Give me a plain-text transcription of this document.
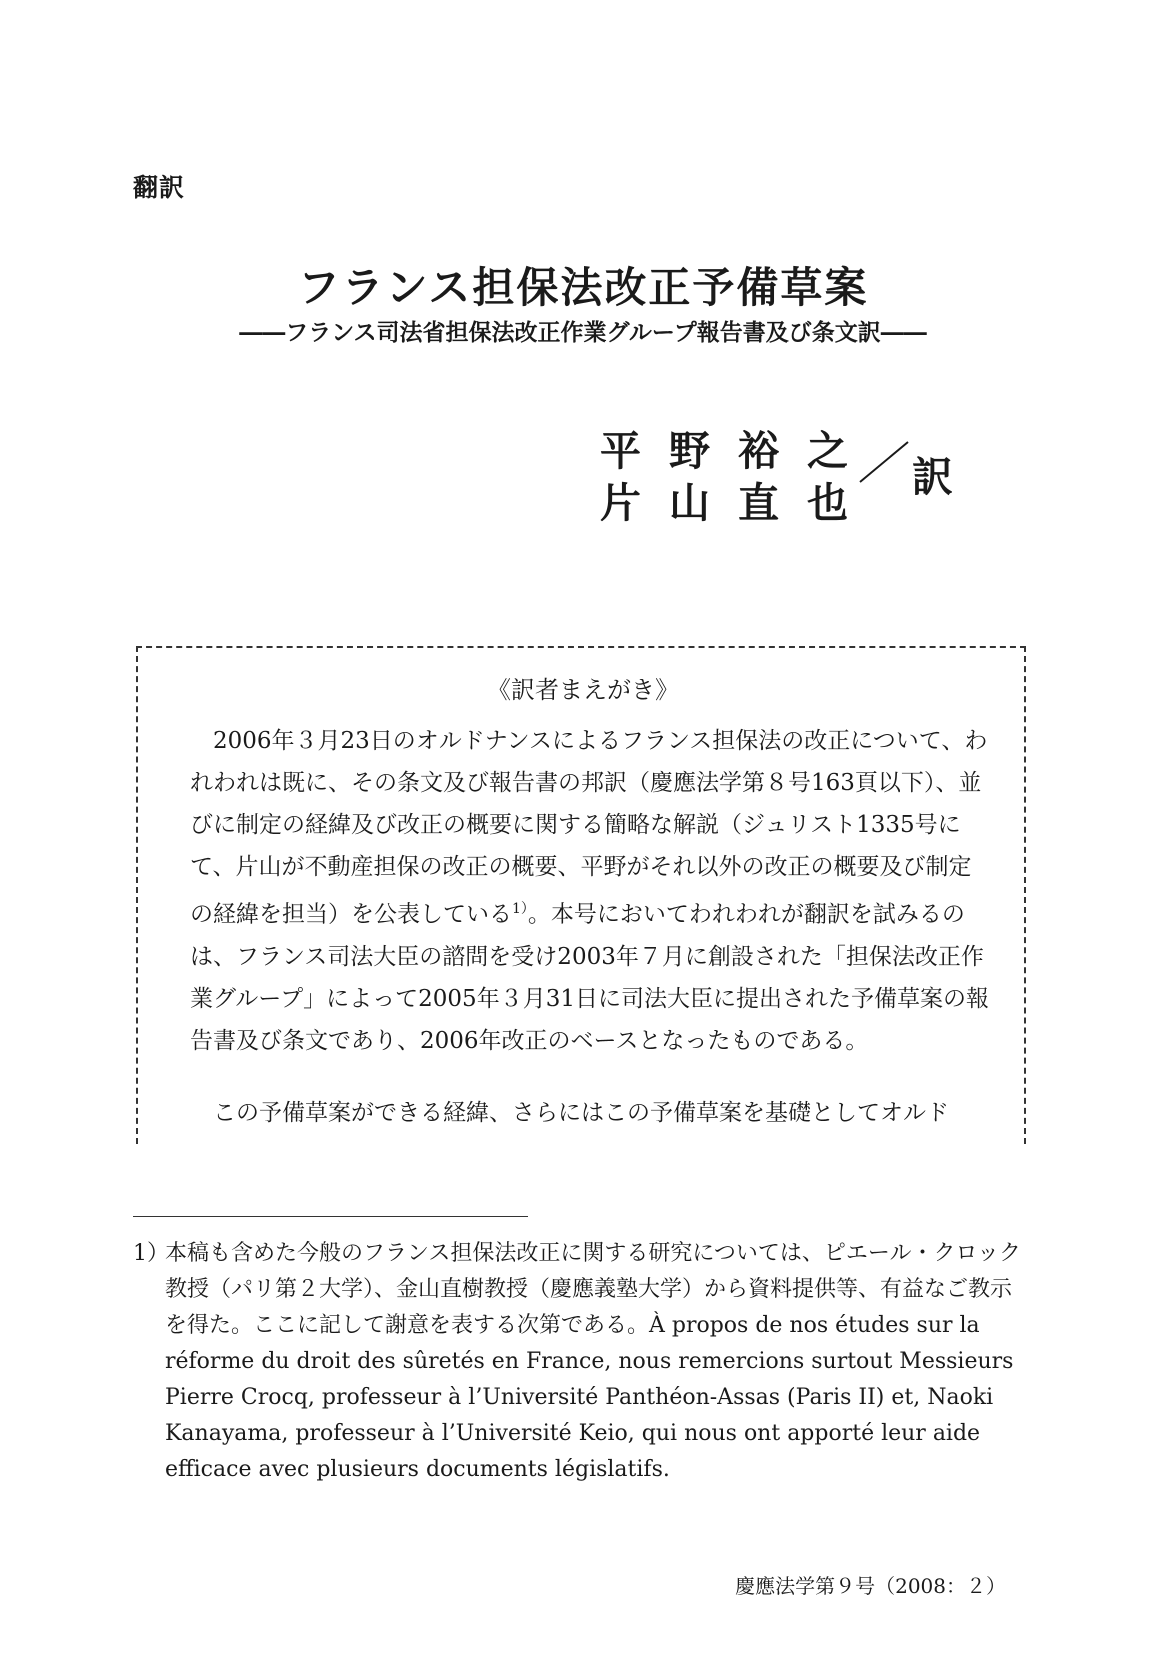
翻訳
フランス担保法改正予備草案
――フランス司法省担保法改正作業グループ報告書及び条文訳――
平野裕之
片山直也
訳
《訳者まえがき》
 2006年３月23日のオルドナンスによるフランス担保法の改正について、われわれは既に、その条文及び報告書の邦訳（慶應法学第８号163頁以下）、並びに制定の経緯及び改正の概要に関する簡略な解説（ジュリスト1335号にて、片山が不動産担保の改正の概要、平野がそれ以外の改正の概要及び制定の経緯を担当）を公表している$^{1)}$。本号においてわれわれが翻訳を試みるのは、フランス司法大臣の諮問を受け2003年７月に創設された「担保法改正作業グループ」によって2005年３月31日に司法大臣に提出された予備草案の報告書及び条文であり、2006年改正のベースとなったものである。
 この予備草案ができる経緯、さらにはこの予備草案を基礎としてオルド
1）本稿も含めた今般のフランス担保法改正に関する研究については、ピエール・クロック教授（パリ第２大学）、金山直樹教授（慶應義塾大学）から資料提供等、有益なご教示を得た。ここに記して謝意を表する次第である。À propos de nos études sur la réforme du droit des sûretés en France, nous remercions surtout Messieurs Pierre Crocq, professeur à l’Université Panthéon-Assas (Paris II) et, Naoki Kanayama, professeur à l’Université Keio, qui nous ont apporté leur aide efficace avec plusieurs documents législatifs.
慶應法学第９号（2008：２）
